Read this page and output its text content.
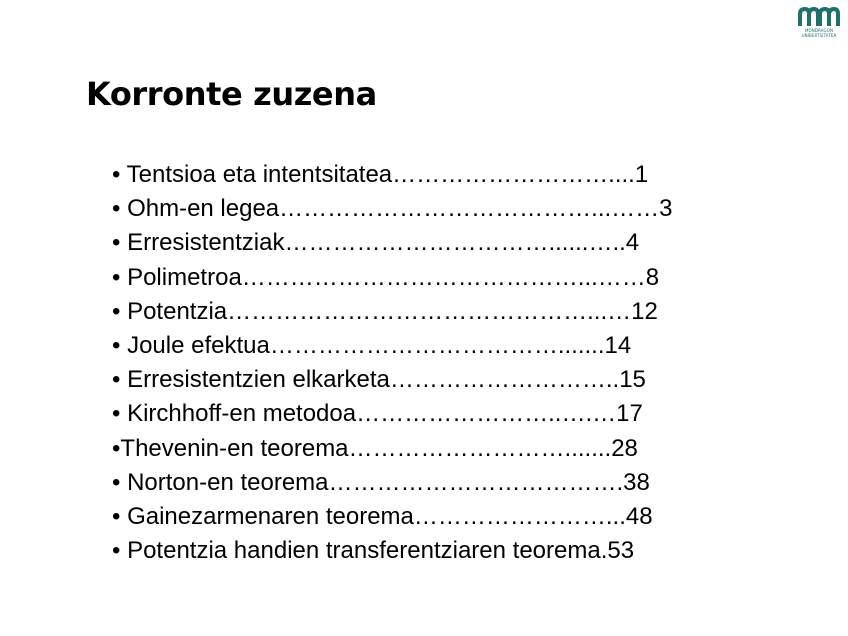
MONDRAGON
UNIBERTSITATEA
Korronte zuzena
• Tentsioa eta intentsitatea………………………....1
• Ohm-en legea…………………………………...……3
• Erresistentziak……………………………......…..4
• Polimetroa……………………………………...……8
• Potentzia………………………………………...…12
• Joule efektua……………………………….......14
• Erresistentzien elkarketa………………………..15
• Kirchhoff-en metodoa……………………..….…17
•Thevenin-en teorema……………………….......28
• Norton-en teorema……………………………….38
• Gainezarmenaren teorema……………………...48
• Potentzia handien transferentziaren teorema.53
